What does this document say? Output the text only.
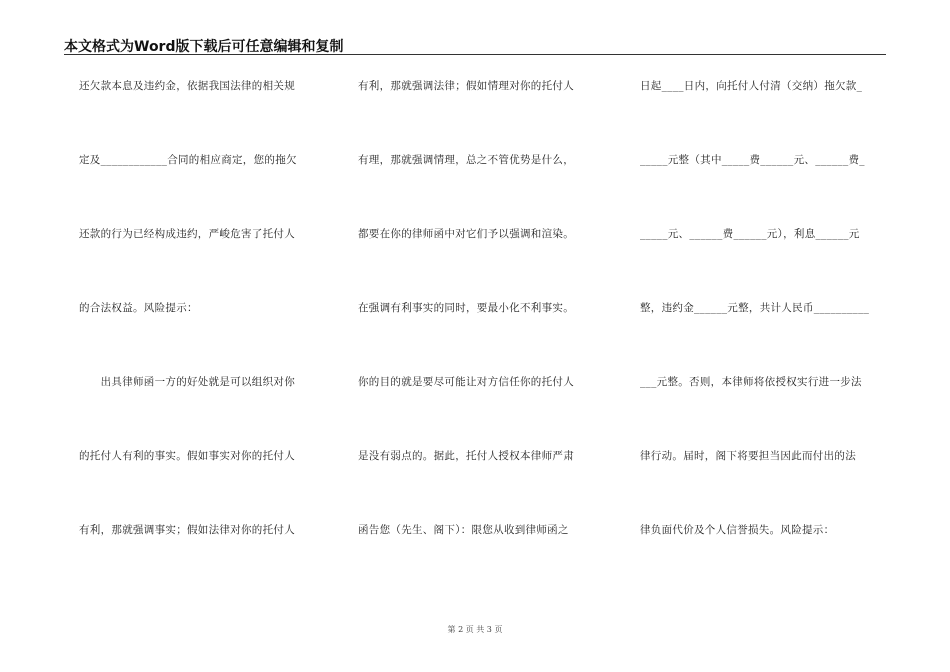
本文格式为Word版下载后可任意编辑和复制
还欠款本息及违约金，依据我国法律的相关规
定及____________合同的相应商定，您的拖欠
还款的行为已经构成违约，严峻危害了托付人
的合法权益。风险提示：
　　出具律师函一方的好处就是可以组织对你
的托付人有利的事实。假如事实对你的托付人
有利，那就强调事实；假如法律对你的托付人
有利，那就强调法律；假如情理对你的托付人
有理，那就强调情理，总之不管优势是什么，
都要在你的律师函中对它们予以强调和渲染。
在强调有利事实的同时，要最小化不利事实。
你的目的就是要尽可能让对方信任你的托付人
是没有弱点的。据此，托付人授权本律师严肃
函告您（先生、阁下）：限您从收到律师函之
日起____日内，向托付人付清（交纳）拖欠款_
_____元整（其中_____费______元、______费_
_____元、______费______元），利息______元
整，违约金______元整，共计人民币__________
___元整。否则，本律师将依授权实行进一步法
律行动。届时，阁下将要担当因此而付出的法
律负面代价及个人信誉损失。风险提示：
第 2 页 共 3 页
